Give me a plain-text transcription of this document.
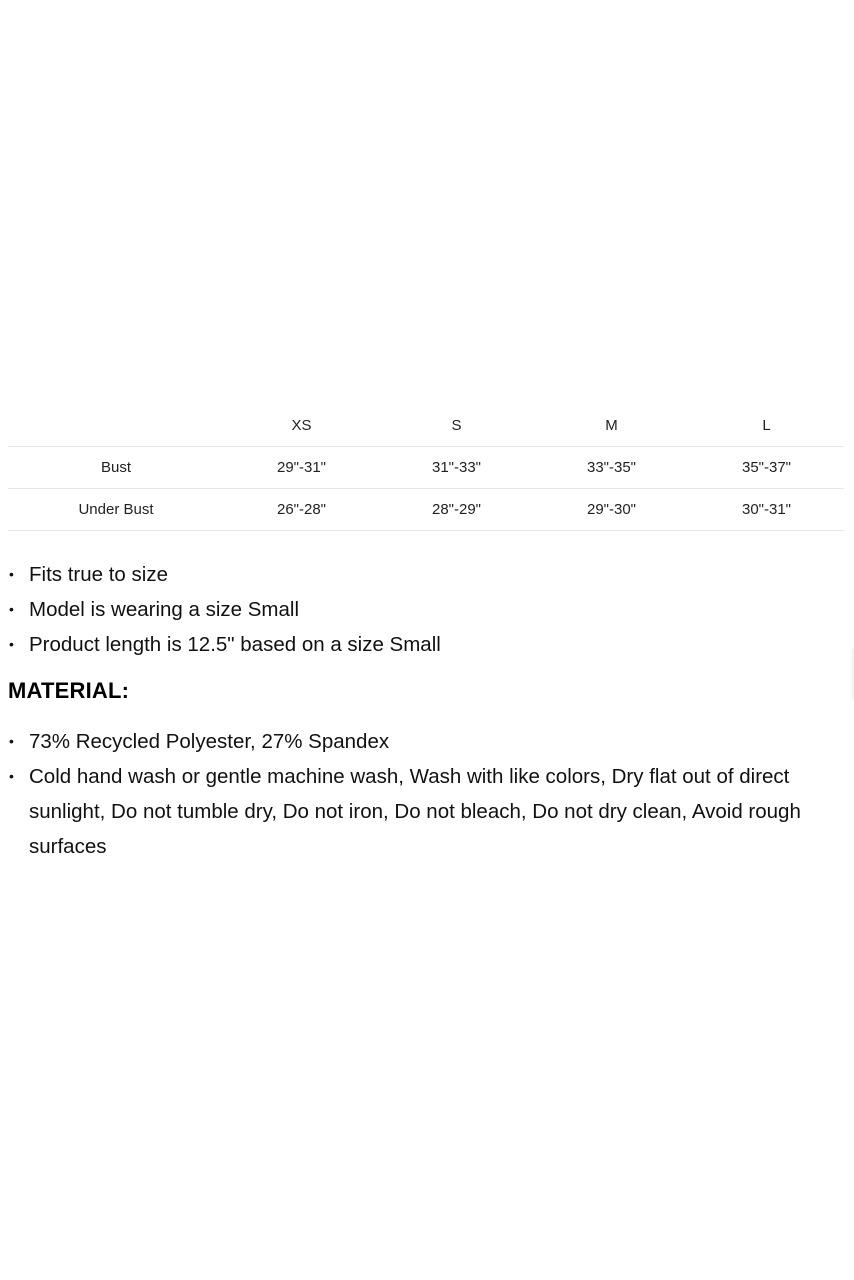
	XS	S	M	L
Bust	29"-31"	31"-33"	33"-35"	35"-37"
Under Bust	26"-28"	28"-29"	29"-30"	30"-31"
• Fits true to size
• Model is wearing a size Small
• Product length is 12.5" based on a size Small
MATERIAL:
• 73% Recycled Polyester, 27% Spandex
• Cold hand wash or gentle machine wash, Wash with like colors, Dry flat out of direct sunlight, Do not tumble dry, Do not iron, Do not bleach, Do not dry clean, Avoid rough surfaces
